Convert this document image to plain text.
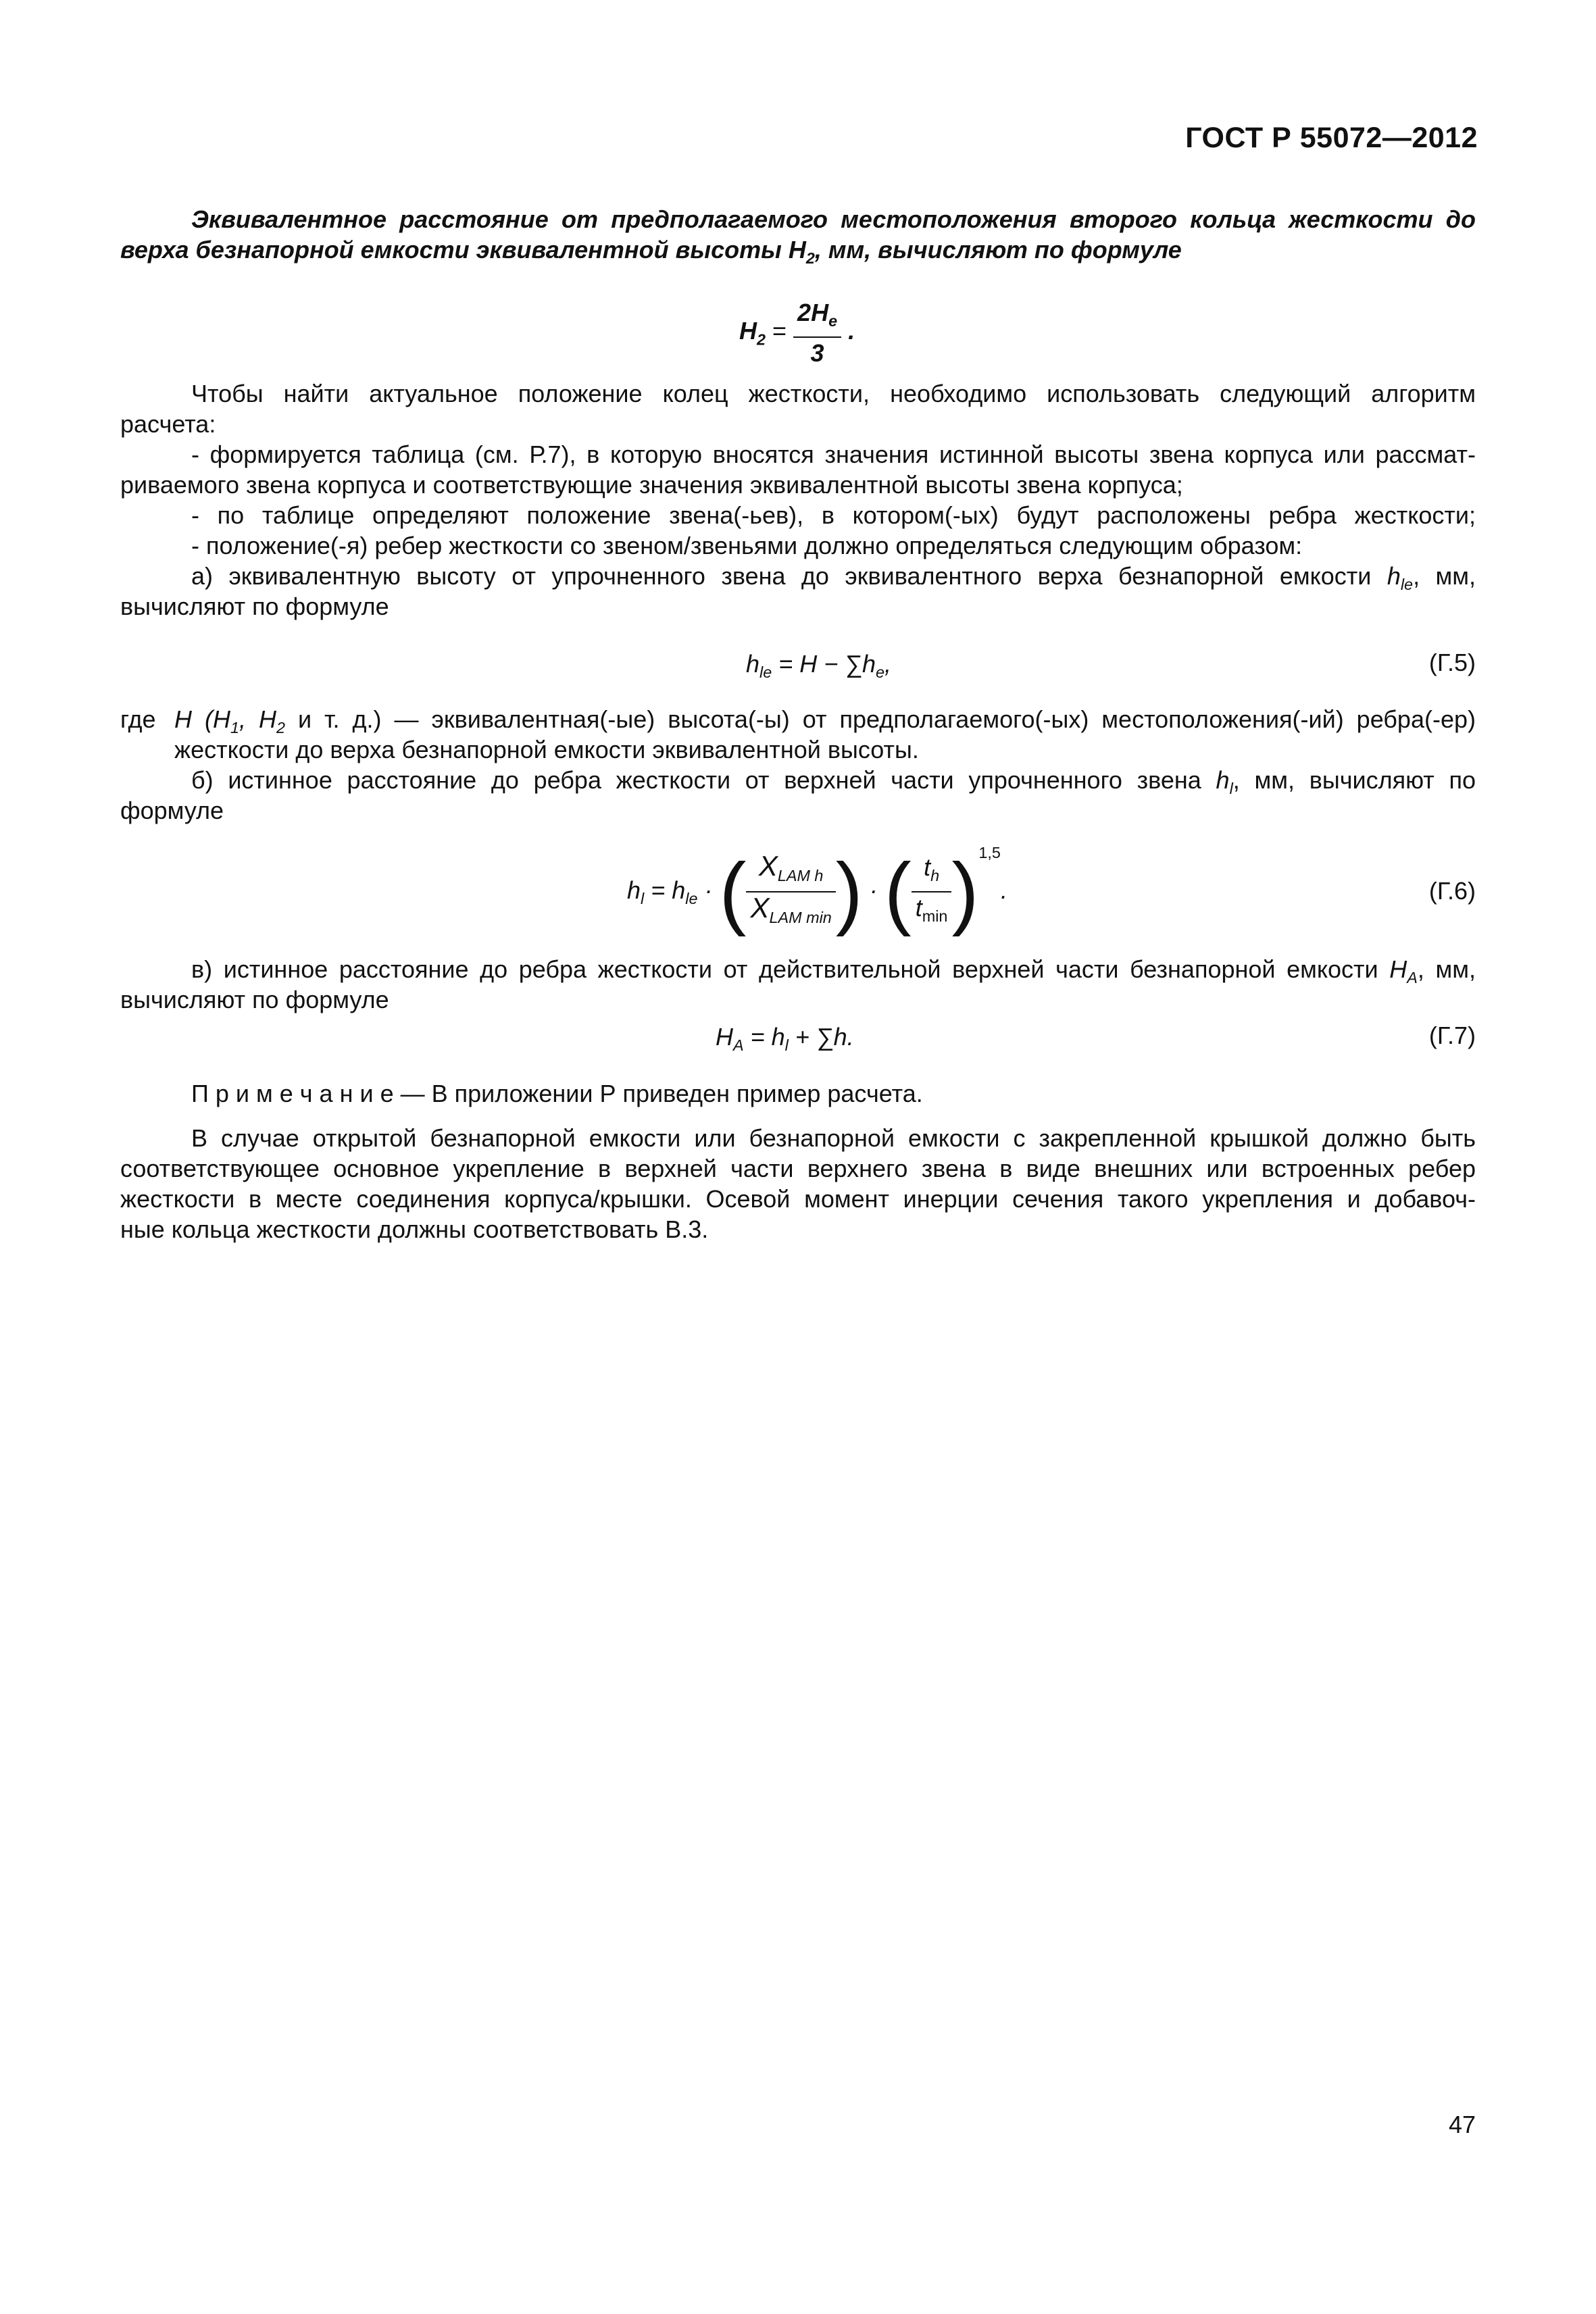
ГОСТ Р 55072—2012
Эквивалентное расстояние от предполагаемого местоположения второго кольца жесткости до
верха безнапорной емкости эквивалентной высоты $H_2$, мм, вычисляют по формуле
$H_2 = \frac{2H_e}{3}$ .
Чтобы найти актуальное положение колец жесткости, необходимо использовать следующий алгоритм
расчета:
- формируется таблица (см. Р.7), в которую вносятся значения истинной высоты звена корпуса или рассмат-
риваемого звена корпуса и соответствующие значения эквивалентной высоты звена корпуса;
- по таблице определяют положение звена(-ьев), в котором(-ых) будут расположены ребра жесткости;
- положение(-я) ребер жесткости со звеном/звеньями должно определяться следующим образом:
а) эквивалентную высоту от упрочненного звена до эквивалентного верха безнапорной емкости $h_{le}$, мм,
вычисляют по формуле
$h_{le} = H - \sum h_e$,	(Г.5)
где H ($H_1$, $H_2$ и т. д.) — эквивалентная(-ые) высота(-ы) от предполагаемого(-ых) местоположения(-ий) ребра(-ер)
жесткости до верха безнапорной емкости эквивалентной высоты.
б) истинное расстояние до ребра жесткости от верхней части упрочненного звена $h_l$, мм, вычисляют по
формуле
$h_l = h_{le}$ · ( $\frac{X_{LAM h}}{X_{LAM min}}$ ) · ( $\frac{t_h}{t_{min}} )^{1,5}$.	(Г.6)
в) истинное расстояние до ребра жесткости от действительной верхней части безнапорной емкости $H_A$, мм,
вычисляют по формуле
$H_A = h_l + \sum h$.	(Г.7)
П р и м е ч а н и е — В приложении Р приведен пример расчета.
В случае открытой безнапорной емкости или безнапорной емкости с закрепленной крышкой должно быть
соответствующее основное укрепление в верхней части верхнего звена в виде внешних или встроенных ребер
жесткости в месте соединения корпуса/крышки. Осевой момент инерции сечения такого укрепления и добавоч-
ные кольца жесткости должны соответствовать В.3.
47
